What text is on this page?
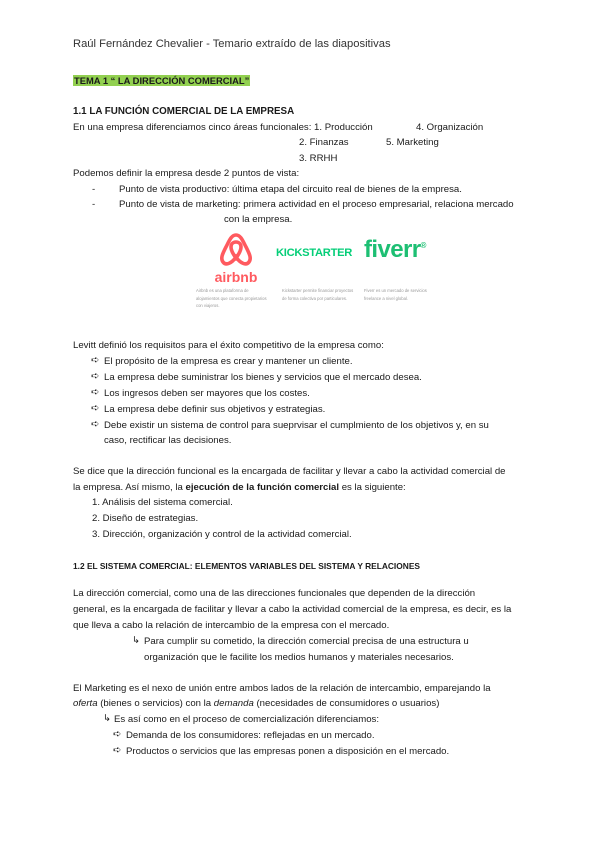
Raúl Fernández Chevalier - Temario extraído de las diapositivas
TEMA 1 “ LA DIRECCIÓN COMERCIAL”
1.1 LA FUNCIÓN COMERCIAL DE LA EMPRESA
En una empresa diferenciamos cinco áreas funcionales: 1. Producción
2. Finanzas
3. RRHH
4. Organización
5. Marketing
Podemos definir la empresa desde 2 puntos de vista:
- Punto de vista productivo: última etapa del circuito real de bienes de la empresa.
- Punto de vista de marketing: primera actividad en el proceso empresarial, relaciona mercado
con la empresa.
airbnb
KICKSTARTER fiverr®
Airbnb es una plataforma de alojamientos que conecta propietarios con viajeros.
Kickstarter permite financiar proyectos de forma colectiva por particulares.
Fiverr es un mercado de servicios freelance a nivel global.
Levitt definió los requisitos para el éxito competitivo de la empresa como:
➪ El propósito de la empresa es crear y mantener un cliente.
➪ La empresa debe suministrar los bienes y servicios que el mercado desea.
➪ Los ingresos deben ser mayores que los costes.
➪ La empresa debe definir sus objetivos y estrategias.
➪ Debe existir un sistema de control para sueprvisar el cumplmiento de los objetivos y, en su
caso, rectificar las decisiones.
Se dice que la dirección funcional es la encargada de facilitar y llevar a cabo la actividad comercial de
la empresa. Así mismo, la ejecución de la función comercial es la siguiente:
1. Análisis del sistema comercial.
2. Diseño de estrategias.
3. Dirección, organización y control de la actividad comercial.
1.2 EL SISTEMA COMERCIAL: ELEMENTOS VARIABLES DEL SISTEMA Y RELACIONES
La dirección comercial, como una de las direcciones funcionales que dependen de la dirección
general, es la encargada de facilitar y llevar a cabo la actividad comercial de la empresa, es decir, es la
que lleva a cabo la relación de intercambio de la empresa con el mercado.
↳ Para cumplir su cometido, la dirección comercial precisa de una estructura u
organización que le facilite los medios humanos y materiales necesarios.
El Marketing es el nexo de unión entre ambos lados de la relación de intercambio, emparejando la
oferta (bienes o servicios) con la demanda (necesidades de consumidores o usuarios)
↳ Es así como en el proceso de comercialización diferenciamos:
➪ Demanda de los consumidores: reflejadas en un mercado.
➪ Productos o servicios que las empresas ponen a disposición en el mercado.
